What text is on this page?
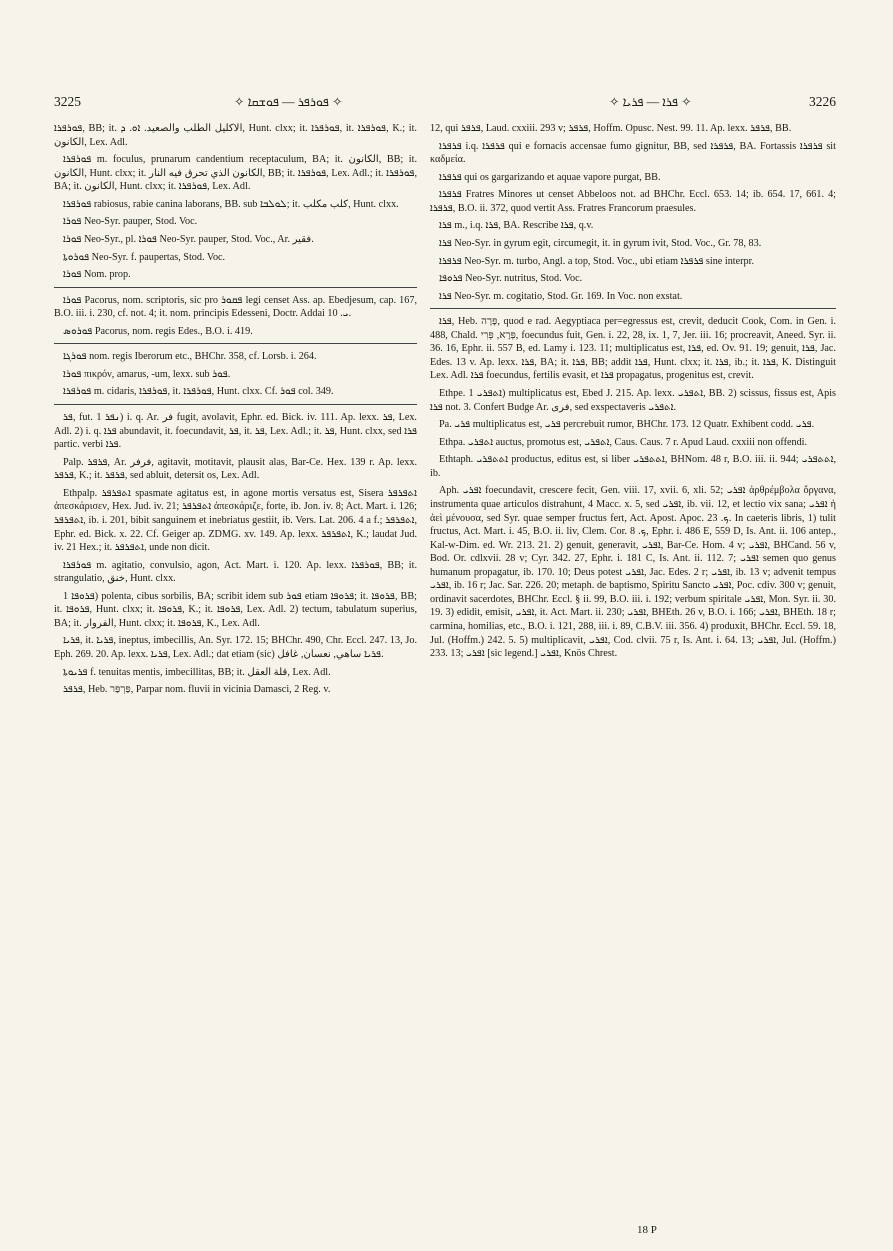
3225	✧ ܦܘܪܦܪ — ܦܘܫܩܐ ✧	✧ ܦܪܐ — ܦܪܝܐ ✧	3226

ܦܘܪܦܪܐ, BB; it. الاكليل الطلب والصعيد. ܐܘ. ܕ, Hunt. clxx; it. ܦܘܪܦܪܐ, it. ܦܘܪܦܪܐ, K.; it. الكانون, Lex. Adl.

ܦܘܪܦܪܐ m. foculus, prunarum candentium receptaculum, BA; it. الكانون, BB; it. الكانون, Hunt. clxx; it. الكانون الذي تحرق فيه النار, BB; it. ܦܘܪܦܪܐ, Lex. Adl.; it. ܦܘܪܦܪܐ, BA; it. الكانون, Hunt. clxx; it. ܦܘܪܦܪܐ, Lex. Adl.

ܦܘܪܦܪܐ rabiosus, rabie canina laborans, BB. sub ܠܘܠܒܐ; it. كلب مكلب, Hunt. clxx.

ܦܘܪܐ Neo-Syr. pauper, Stod. Voc.

ܦܘܪܐ Neo-Syr., pl. ܦܘܪܐ Neo-Syr. pauper, Stod. Voc., Ar. فقير.

ܦܘܪܘܬܐ Neo-Syr. f. paupertas, Stod. Voc.

ܦܘܪܐ Nom. prop.

ܦܘܪܐ Pacorus, nom. scriptoris, sic pro ܦܩܘܪ legi censet Ass. ap. Ebedjesum, cap. 167, B.O. iii. i. 230, cf. not. 4; it. nom. principis Edesseni, Doctr. Addai ܝ. 10.

ܦܘܪܘܣ Pacorus, nom. regis Edes., B.O. i. 419.

ܦܘܪܓܐ nom. regis Iberorum etc., BHChr. 358, cf. Lorsb. i. 264.

ܦܘܪܐ πικρόν, amarus, -um, lexx. sub ܦܘܪ.

ܦܘܪܦܪܐ m. cidaris, ܦܘܪܦܪܐ, it. ܦܘܪܦܪܐ, Hunt. clxx. Cf. ܦܘܪ col. 349.

ܦܪ, fut. ܢܦܪ 1) i. q. Ar. فر fugit, avolavit, Ephr. ed. Bick. iv. 111. Ap. lexx. ܦܪ, Lex. Adl. 2) i. q. ܦܪܐ abundavit, it. foecundavit, ܦܪ, it. ܦܪ, Lex. Adl.; it. ܦܪ, Hunt. clxx, sed ܦܪܐ partic. verbi ܦܪܐ.

Palp. ܦܪܦܪ, Ar. فرفر, agitavit, motitavit, plausit alas, Bar-Ce. Hex. 139 r. Ap. lexx. ܦܪܦܪ, K.; it. ܦܪܦܪ, sed abluit, detersit os, Lex. Adl.

Ethpalp. ܐܬܦܪܦܪ spasmate agitatus est, in agone mortis versatus est, Sisera ܐܬܦܪܦܪ ἀπεσκάρισεν, Hex. Jud. iv. 21; ܐܬܦܪܦܪ ἀπεσκάριζε, forte, ib. Jon. iv. 8; Act. Mart. i. 126; ܐܬܦܪܦܪ, ib. i. 201, bibit sanguinem et inebriatus gestiit, ib. Vers. Lat. 206. 4 a f.; ܐܬܦܪܦܪ, Ephr. ed. Bick. x. 22. Cf. Geiger ap. ZDMG. xv. 149. Ap. lexx. ܐܬܦܪܦܪ, K.; laudat Jud. iv. 21 Hex.; it. ܐܬܦܪܦܪ, unde non dicit.

ܦܘܪܦܪܐ m. agitatio, convulsio, agon, Act. Mart. i. 120. Ap. lexx. ܦܘܪܦܪܐ, BB; it. strangulatio, خنق, Hunt. clxx.

ܦܪܘܦܐ 1) polenta, cibus sorbilis, BA; scribit idem sub ܦܘܪ etiam ܦܪܘܦܐ; it. ܦܪܘܦܐ, BB; it. ܦܪܘܦܐ, Hunt. clxx; it. ܦܪܘܦܐ, K.; it. ܦܪܘܦܐ, Lex. Adl. 2) tectum, tabulatum superius, BA; it. الفروار, Hunt. clxx; it. ܦܪܘܦܐ, K., Lex. Adl.

ܦܪܝܐ, it. ܦܪܝܐ, ineptus, imbecillis, An. Syr. 172. 15; BHChr. 490, Chr. Eccl. 247. 13, Jo. Eph. 269. 20. Ap. lexx. ܦܪܝܐ, Lex. Adl.; dat etiam (sic) ܦܪܝܐ ساهي, نعسان, غافل.

ܦܪܝܘܬܐ f. tenuitas mentis, imbecillitas, BB; it. قلة العقل, Lex. Adl.

ܦܪܦܪ, Heb. פַּרְפַּר, Parpar nom. fluvii in vicinia Damasci, 2 Reg. v.

12, qui ܦܪܦܪ, Laud. cxxiii. 293 v; ܦܪܦܪ, Hoffm. Opusc. Nest. 99. 11. Ap. lexx. ܦܪܦܪ, BB.

ܦܪܦܪܐ i.q. ܦܪܦܪܐ qui e fornacis accensae fumo gignitur, BB, sed ܦܪܦܪܐ, BA. Fortassis ܦܪܦܪܐ sit καδμεία.

ܦܪܦܪܐ qui os gargarizando et aquae vapore purgat, BB.

ܦܪܦܪܐ Fratres Minores ut censet Abbeloos not. ad BHChr. Eccl. 653. 14; ib. 654. 17, 661. 4; ܦܪܦܪܐ, B.O. ii. 372, quod vertit Ass. Fratres Francorum praesules.

ܦܪܐ m., i.q. ܦܪܐ, BA. Rescribe ܦܪܐ, q.v.

ܦܪܐ Neo-Syr. in gyrum egit, circumegit, it. in gyrum ivit, Stod. Voc., Gr. 78, 83.

ܦܪܦܪܐ Neo-Syr. m. turbo, Angl. a top, Stod. Voc., ubi etiam ܦܪܦܪܐ sine interpr.

ܦܪܘܦܐ Neo-Syr. nutritus, Stod. Voc.

ܦܪܐ Neo-Syr. m. cogitatio, Stod. Gr. 169. In Voc. non exstat.

ܦܪܐ, Heb. פָּרָה, quod e rad. Aegyptiaca per=egressus est, crevit, deducit Cook, Com. in Gen. i. 488, Chald. פְּרָא, פְּרִי, foecundus fuit, Gen. i. 22, 28, ix. 1, 7, Jer. iii. 16; procreavit, Aneed. Syr. ii. 36. 16, Ephr. ii. 557 B, ed. Lamy i. 123. 11; multiplicatus est, ܦܪܐ, ed. Ov. 91. 19; genuit, ܦܪܐ, Jac. Edes. 13 v. Ap. lexx. ܦܪܐ, BA; it. ܦܪܐ, BB; addit ܦܪܐ, Hunt. clxx; it. ܦܪܐ, ib.; it. ܦܪܐ, K. Distinguit Lex. Adl. ܦܪܐ foecundus, fertilis evasit, et ܦܪܐ propagatus, progenitus est, crevit.

Ethpe. ܐܬܦܪܝ 1) multiplicatus est, Ebed J. 215. Ap. lexx. ܐܬܦܪܝ, BB. 2) scissus, fissus est, Apis ܦܪܐ not. 3. Confert Budge Ar. فرى, sed exspectaveris ܐܬܦܪܝ.

Pa. ܦܪܝ multiplicatus est, ܦܪܝ percrebuit rumor, BHChr. 173. 12 Quatr. Exhibent codd. ܦܪܝ.

Ethpa. ܐܬܦܪܝ auctus, promotus est, ܐܬܦܪܝ, Caus. Caus. 7 r. Apud Laud. cxxiii non offendi.

Ethtaph. ܐܬܬܦܪܝ productus, editus est, si liber ܐܬܬܦܪܝ, BHNom. 48 r, B.O. iii. ii. 944; ܐܬܬܦܪܝ, ib.

Aph. ܐܦܪܝ foecundavit, crescere fecit, Gen. viii. 17, xvii. 6, xli. 52; ܐܦܪܝ ἀρθρέμβολα ὄργανα, instrumenta quae articulos distrahunt, 4 Macc. x. 5, sed ܐܦܪܝ, ib. vii. 12, et lectio vix sana; ܐܦܪܝ ἡ ἀεὶ μένουσα, sed Syr. quae semper fructus fert, Act. Apost. Apoc. ܟ. 23. In caeteris libris, 1) tulit fructus, Act. Mart. i. 45, B.O. ii. liv, Clem. Cor. ܟ. 8, Ephr. i. 486 E, 559 D, Is. Ant. ii. 106 antep., Kal-w-Dim. ed. Wr. 213. 21. 2) genuit, generavit, ܐܦܪܝ, Bar-Ce. Hom. 4 v; ܐܦܪܝ, BHCand. 56 v, Bod. Or. cdlxvii. 28 v; Cyr. 342. 27, Ephr. i. 181 C, Is. Ant. ii. 112. 7; ܐܦܪܝ semen quo genus humanum propagatur, ib. 170. 10; Deus potest ܐܦܪܝ, Jac. Edes. 2 r; ܐܦܪܝ, ib. 13 v; advenit tempus ܐܦܪܝ, ib. 16 r; Jac. Sar. 226. 20; metaph. de baptismo, Spiritu Sancto ܐܦܪܝ, Poc. cdiv. 300 v; genuit, ordinavit sacerdotes, BHChr. Eccl. § ii. 99, B.O. iii. i. 192; verbum spiritale ܐܦܪܝ, Mon. Syr. ii. 30. 19. 3) edidit, emisit, ܐܦܪܝ, it. Act. Mart. ii. 230; ܐܦܪܝ, BHEth. 26 v, B.O. i. 166; ܐܦܪܝ, BHEth. 18 r; carmina, homilias, etc., B.O. i. 121, 288, iii. i. 89, C.B.V. iii. 356. 4) produxit, BHChr. Eccl. 59. 18, Jul. (Hoffm.) 242. 5. 5) multiplicavit, ܐܦܪܝ, Cod. clvii. 75 r, Is. Ant. i. 64. 13; ܐܦܪܝ, Jul. (Hoffm.) 233. 13; ܐܦܪܝ [sic legend.] ܐܦܪܝ, Knös Chrest.

18 P
